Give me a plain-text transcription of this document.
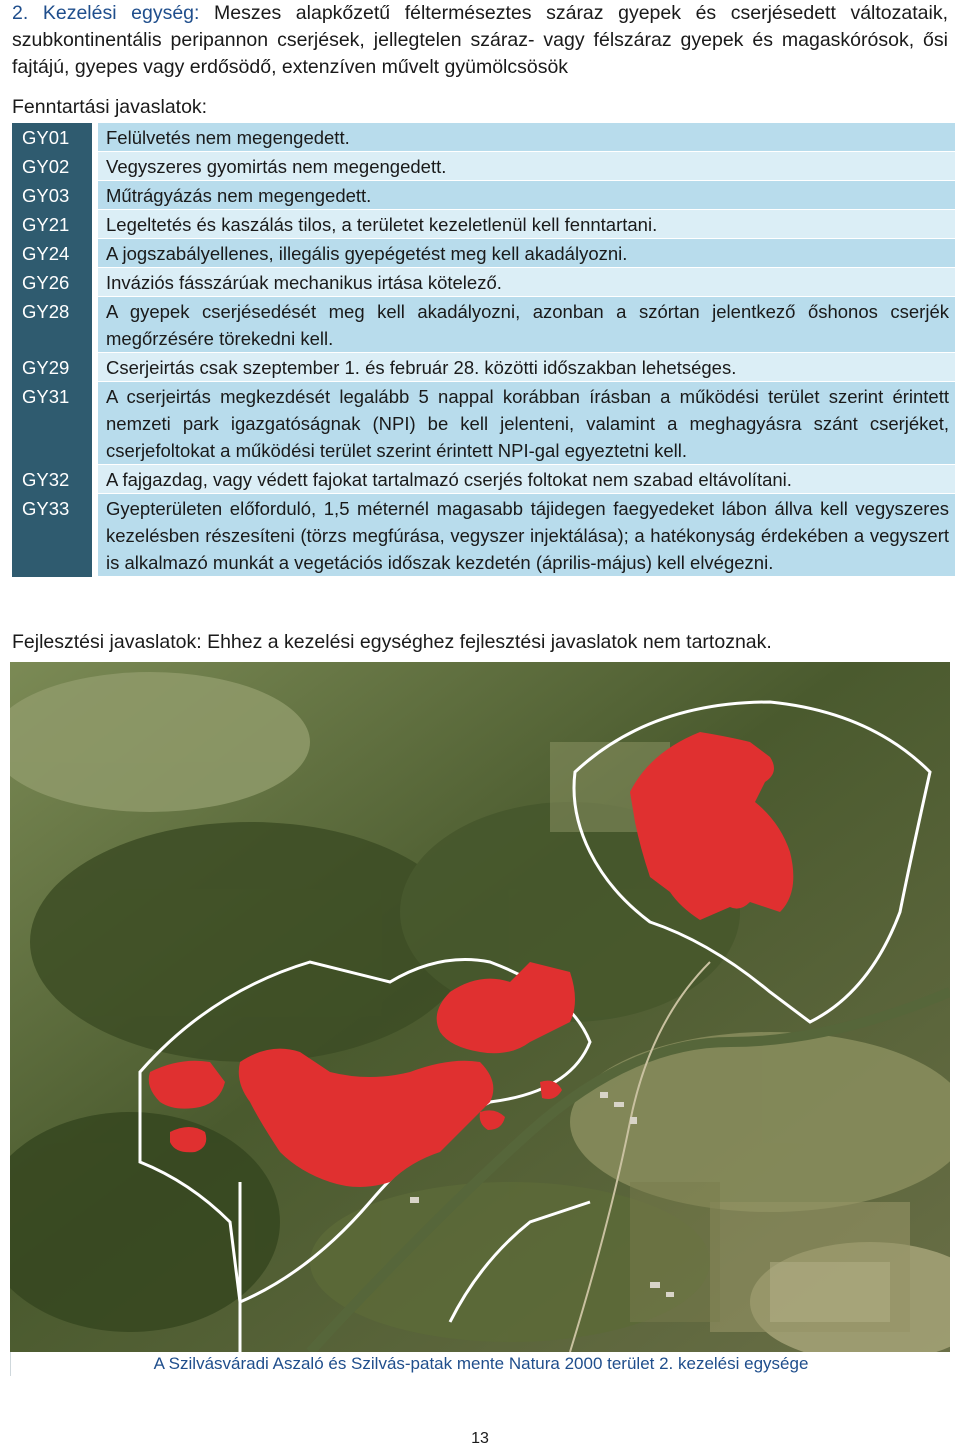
2. Kezelési egység: Meszes alapkőzetű félterméseztes száraz gyepek és cserjésedett változataik, szubkontinentális peripannon cserjések, jellegtelen száraz- vagy félszáraz gyepek és magaskórósok, ősi fajtájú, gyepes vagy erdősödő, extenzíven művelt gyümölcsösök
Fenntartási javaslatok:
GY01		Felülvetés nem megengedett.
GY02		Vegyszeres gyomirtás nem megengedett.
GY03		Műtrágyázás nem megengedett.
GY21		Legeltetés és kaszálás tilos, a területet kezeletlenül kell fenntartani.
GY24		A jogszabályellenes, illegális gyepégetést meg kell akadályozni.
GY26		Inváziós fásszárúak mechanikus irtása kötelező.
GY28		A gyepek cserjésedését meg kell akadályozni, azonban a szórtan jelentkező őshonos cserjék megőrzésére törekedni kell.
GY29		Cserjeirtás csak szeptember 1. és február 28. közötti időszakban lehetséges.
GY31		A cserjeirtás megkezdését legalább 5 nappal korábban írásban a működési terület szerint érintett nemzeti park igazgatóságnak (NPI) be kell jelenteni, valamint a meghagyásra szánt cserjéket, cserjefoltokat a működési terület szerint érintett NPI-gal egyeztetni kell.
GY32		A fajgazdag, vagy védett fajokat tartalmazó cserjés foltokat nem szabad eltávolítani.
GY33		Gyepterületen előforduló, 1,5 méternél magasabb tájidegen faegyedeket lábon állva kell vegyszeres kezelésben részesíteni (törzs megfúrása, vegyszer injektálása); a hatékonyság érdekében a vegyszert is alkalmazó munkát a vegetációs időszak kezdetén (április-május) kell elvégezni.
Fejlesztési javaslatok: Ehhez a kezelési egységhez fejlesztési javaslatok nem tartoznak.
A Szilvásváradi Aszaló és Szilvás-patak mente Natura 2000 terület 2. kezelési egysége
13
